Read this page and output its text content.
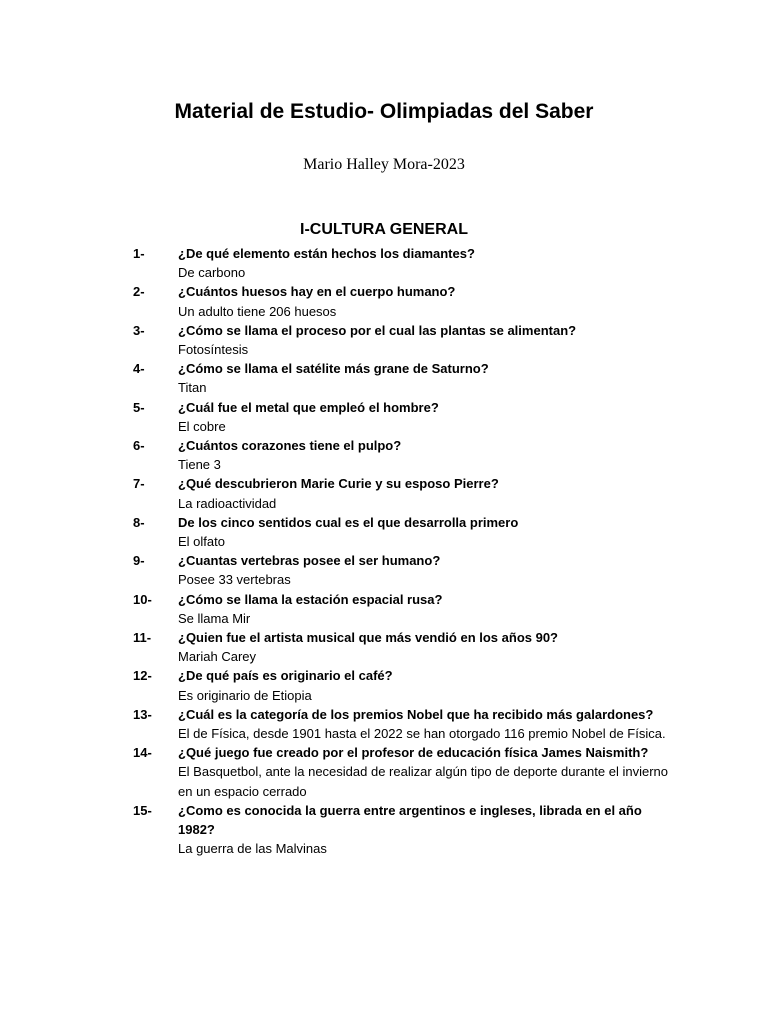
Material de Estudio- Olimpiadas del Saber

Mario Halley Mora-2023

I-CULTURA GENERAL
1-	¿De qué elemento están hechos los diamantes?
De carbono
2-	¿Cuántos huesos hay en el cuerpo humano?
Un adulto tiene 206 huesos
3-	¿Cómo se llama el proceso por el cual las plantas se alimentan?
Fotosíntesis
4-	¿Cómo se llama el satélite más grane de Saturno?
Titan
5-	¿Cuál fue el metal que empleó el hombre?
El cobre
6-	¿Cuántos corazones tiene el pulpo?
Tiene 3
7-	¿Qué descubrieron Marie Curie y su esposo Pierre?
La radioactividad
8-	De los cinco sentidos cual es el que desarrolla primero
El olfato
9-	¿Cuantas vertebras posee el ser humano?
Posee 33 vertebras
10- ¿Cómo se llama la estación espacial rusa?
Se llama Mir
11- ¿Quien fue el artista musical que más vendió en los años 90?
Mariah Carey
12- ¿De qué país es originario el café?
Es originario de Etiopia
13- ¿Cuál es la categoría de los premios Nobel que ha recibido más galardones?
El de Física, desde 1901 hasta el 2022 se han otorgado 116 premio Nobel de Física.
14- ¿Qué juego fue creado por el profesor de educación física James Naismith?
El Basquetbol, ante la necesidad de realizar algún tipo de deporte durante el invierno en un espacio cerrado
15- ¿Como es conocida la guerra entre argentinos e ingleses, librada en el año 1982?
La guerra de las Malvinas
